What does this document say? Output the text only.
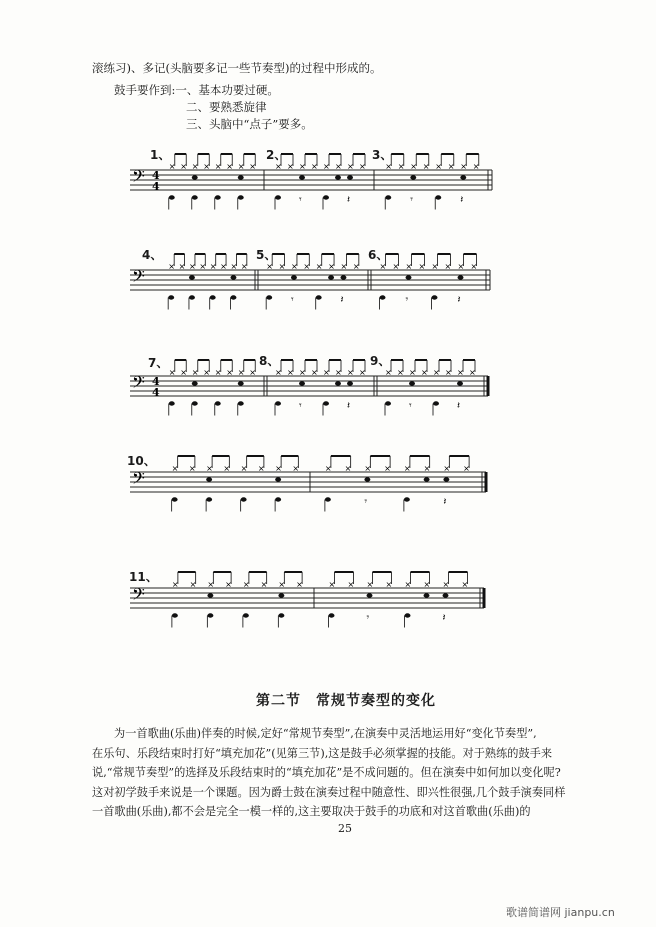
滚练习)、多记(头脑要多记一些节奏型)的过程中形成的。
鼓手要作到:一、基本功要过硬。
二、要熟悉旋律
三、头脑中“点子”要多。
1、	2、	3、
4、	5、	6、
7、	8、	9、
10、
11、
𝄢 4
4
× × × × × × × × × × × × × × × ×
𝄾	𝄽
× × × × × × × ×
𝄾	𝄽
𝄢	× × × × × × × × × × × × × × × ×
𝄾	𝄽
× × × × × × × ×
𝄾	𝄽
𝄢 4
4
× × × × × × × × × × × × × × × ×
𝄾	𝄽
× × × × × × × ×
𝄾	𝄽
𝄢	× × × × × × × ×	× × × × × × × ×
𝄾	𝄽
𝄢	× × × × × × × ×	× × × × × × × ×
𝄾	𝄽
第二节　常规节奏型的变化
为一首歌曲(乐曲)伴奏的时候,定好“常规节奏型”,在演奏中灵活地运用好“变化节奏型”,
在乐句、乐段结束时打好“填充加花”(见第三节),这是鼓手必须掌握的技能。对于熟练的鼓手来
说,“常规节奏型”的选择及乐段结束时的“填充加花”是不成问题的。但在演奏中如何加以变化呢?
这对初学鼓手来说是一个课题。因为爵士鼓在演奏过程中随意性、即兴性很强,几个鼓手演奏同样
一首歌曲(乐曲),都不会是完全一模一样的,这主要取决于鼓手的功底和对这首歌曲(乐曲)的
25
歌谱简谱网 jianpu.cn
